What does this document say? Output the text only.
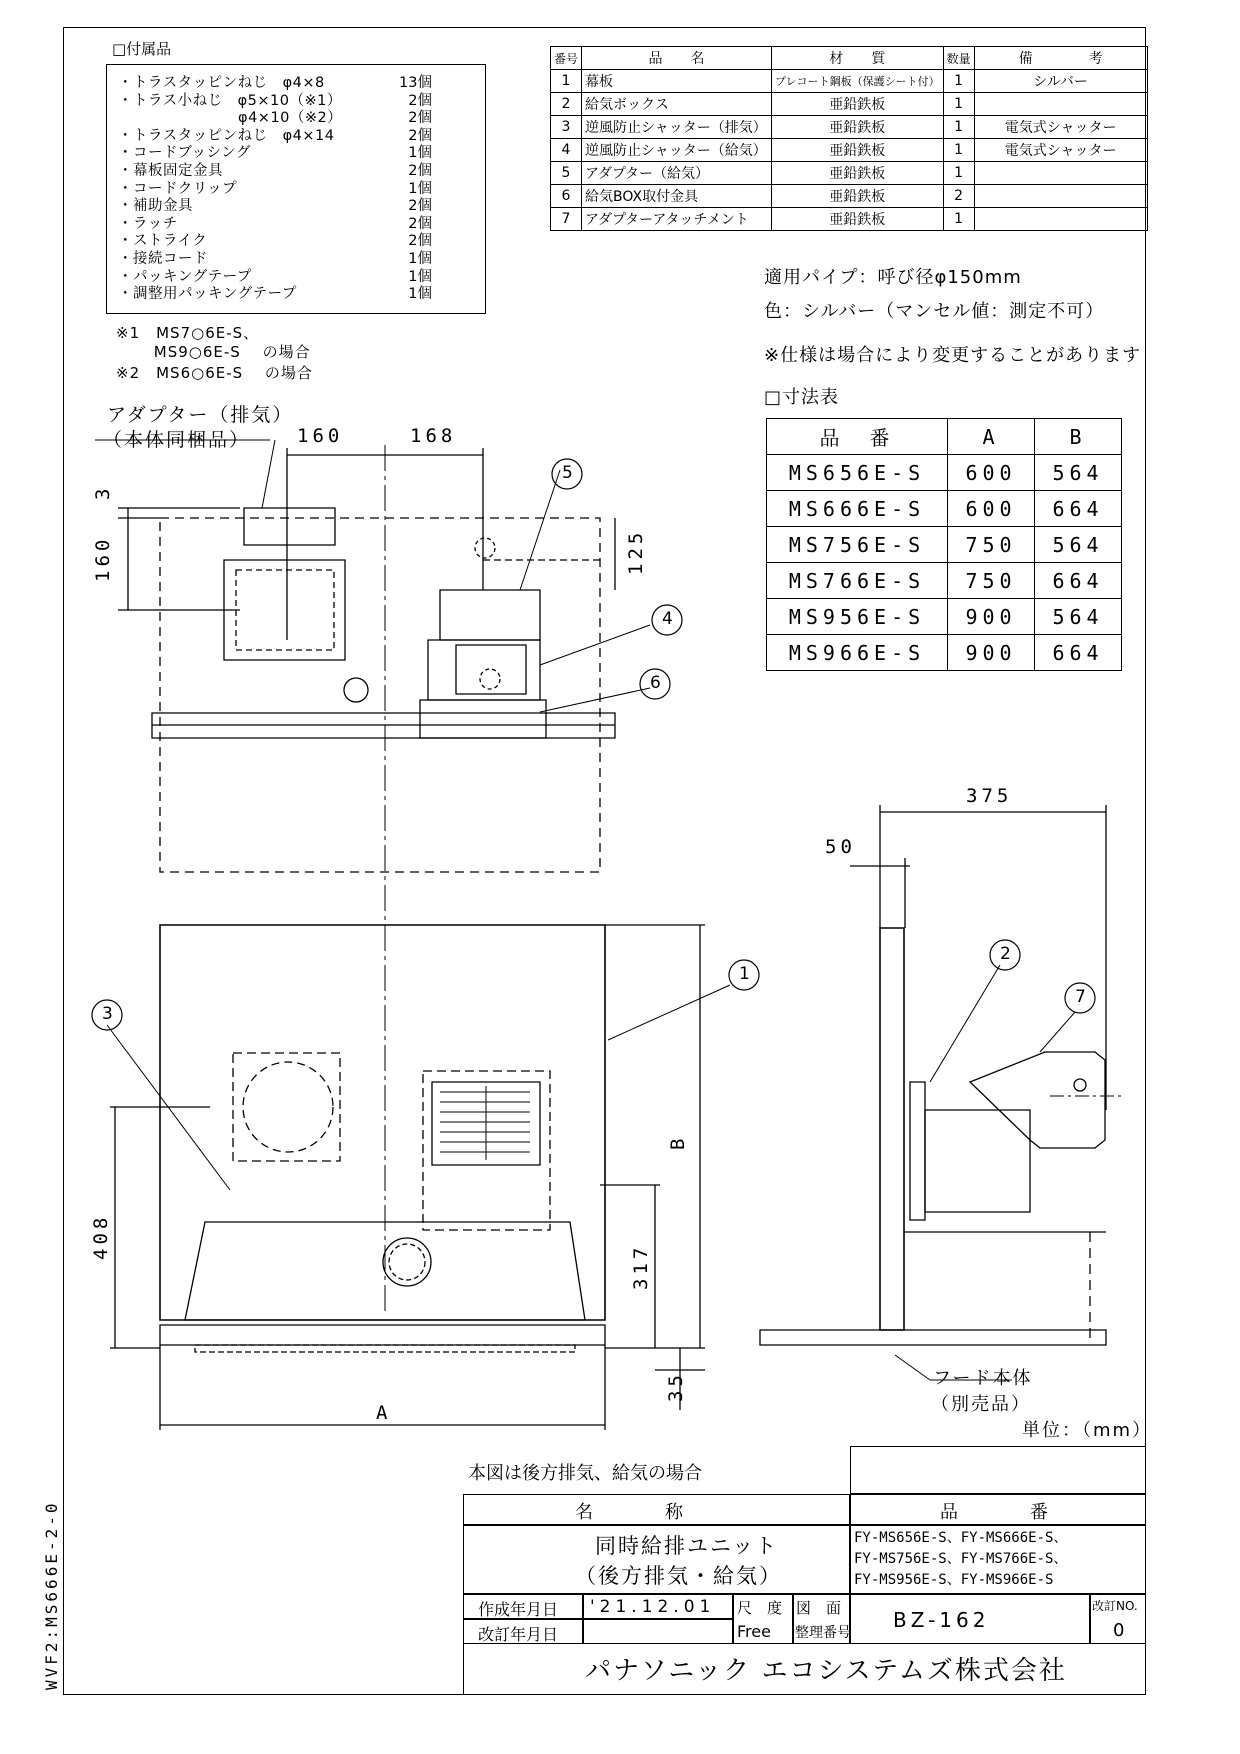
□付属品
・トラスタッピンねじ　φ4×8	13個
・トラス小ねじ　φ5×10（※1）	2個
　　　　　　　　φ4×10（※2）	2個
・トラスタッピンねじ　φ4×14	2個
・コードブッシング	1個
・幕板固定金具	2個
・コードクリップ	1個
・補助金具	2個
・ラッチ	2個
・ストライク	2個
・接続コード	1個
・パッキングテープ	1個
・調整用パッキングテープ	1個
※1　MS7○6E-S、
　　 MS9○6E-S　 の場合
※2　MS6○6E-S　 の場合
番号	品　　名	材　　質	数量	備　　　　考
1	幕板	プレコート鋼板（保護シート付）	1	シルバー
2	給気ボックス	亜鉛鉄板	1	
3	逆風防止シャッター（排気）	亜鉛鉄板	1	電気式シャッター
4	逆風防止シャッター（給気）	亜鉛鉄板	1	電気式シャッター
5	アダプター（給気）	亜鉛鉄板	1	
6	給気BOX取付金具	亜鉛鉄板	2	
7	アダプターアタッチメント	亜鉛鉄板	1	
適用パイプ：呼び径φ150mm
色：シルバー（マンセル値：測定不可）
※仕様は場合により変更することがあります
□寸法表
品　番	A	B
MS656E-S	600	564
MS666E-S	600	664
MS756E-S	750	564
MS766E-S	750	664
MS956E-S	900	564
MS966E-S	900	664
アダプター（排気）
（本体同梱品） 160	168
3
160	125
375
50
B
408
317
35
A
5
4
6
1
3
2
7
フード本体
（別売品）
単位：（mm）
WVF2:MS666E-2-0
本図は後方排気、給気の場合
名　　　　称	品　　　　番
同時給排ユニット
（後方排気・給気）
FY-MS656E-S、FY-MS666E-S、
FY-MS756E-S、FY-MS766E-S、
FY-MS956E-S、FY-MS966E-S
作成年月日 '21.12.01
改訂年月日
尺　度
Free
図　面
整理番号
BZ-162
改訂NO.
0
パナソニック エコシステムズ株式会社
